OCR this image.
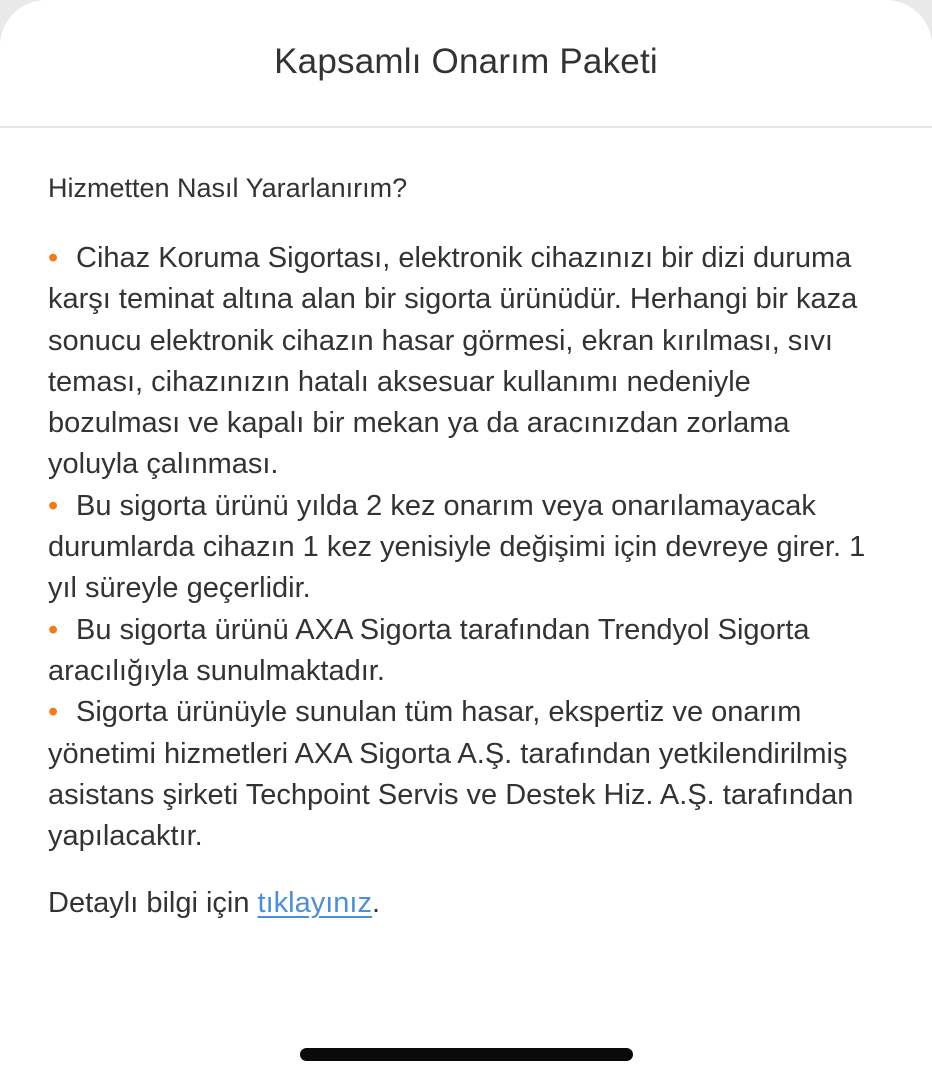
Kapsamlı Onarım Paketi
Hizmetten Nasıl Yararlanırım?
• Cihaz Koruma Sigortası, elektronik cihazınızı bir dizi duruma karşı teminat altına alan bir sigorta ürünüdür. Herhangi bir kaza sonucu elektronik cihazın hasar görmesi, ekran kırılması, sıvı teması, cihazınızın hatalı aksesuar kullanımı nedeniyle bozulması ve kapalı bir mekan ya da aracınızdan zorlama yoluyla çalınması.
• Bu sigorta ürünü yılda 2 kez onarım veya onarılamayacak durumlarda cihazın 1 kez yenisiyle değişimi için devreye girer. 1 yıl süreyle geçerlidir.
• Bu sigorta ürünü AXA Sigorta tarafından Trendyol Sigorta aracılığıyla sunulmaktadır.
• Sigorta ürünüyle sunulan tüm hasar, ekspertiz ve onarım yönetimi hizmetleri AXA Sigorta A.Ş. tarafından yetkilendirilmiş asistans şirketi Techpoint Servis ve Destek Hiz. A.Ş. tarafından yapılacaktır.
Detaylı bilgi için tıklayınız.
